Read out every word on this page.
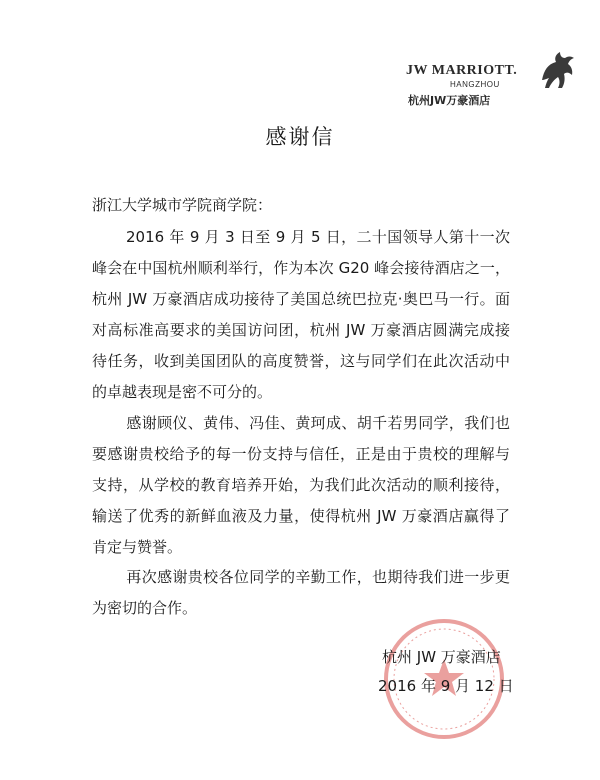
JW MARRIOTT.
HANGZHOU
杭州JW万豪酒店
感谢信
浙江大学城市学院商学院：
2016 年 9 月 3 日至 9 月 5 日，二十国领导人第十一次峰会在中国杭州顺利举行，作为本次 G20 峰会接待酒店之一，杭州 JW 万豪酒店成功接待了美国总统巴拉克·奥巴马一行。面对高标准高要求的美国访问团，杭州 JW 万豪酒店圆满完成接待任务，收到美国团队的高度赞誉，这与同学们在此次活动中的卓越表现是密不可分的。
感谢顾仪、黄伟、冯佳、黄珂成、胡千若男同学，我们也要感谢贵校给予的每一份支持与信任，正是由于贵校的理解与支持，从学校的教育培养开始，为我们此次活动的顺利接待，输送了优秀的新鲜血液及力量，使得杭州 JW 万豪酒店赢得了肯定与赞誉。
再次感谢贵校各位同学的辛勤工作，也期待我们进一步更为密切的合作。
杭州 JW 万豪酒店
2016 年 9 月 12 日
